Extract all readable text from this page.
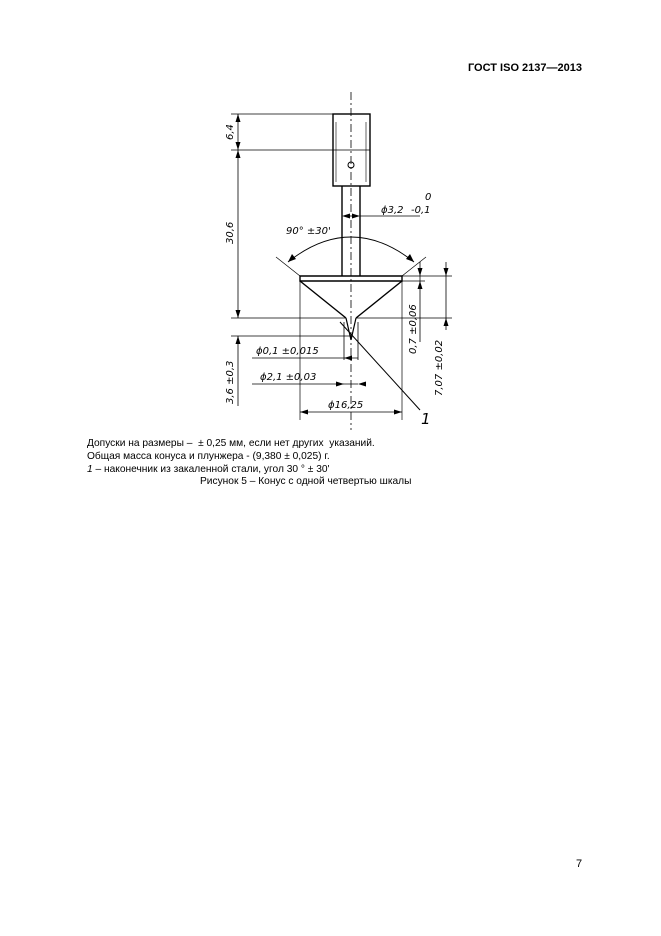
ГОСТ ISO 2137—2013
6,4
30,6
3,6 ±0,3
ϕ3,2
0
-0,1
90° ±30'
ϕ0,1 ±0,015
ϕ2,1 ±0,03
ϕ16,25
0,7 ±0,06
7,07 ±0,02
1
Допуски на размеры –  ± 0,25 мм, если нет других  указаний.
Общая масса конуса и плунжера - (9,380 ± 0,025) г.
1 – наконечник из закаленной стали, угол 30 ° ± 30'
Рисунок 5 – Конус с одной четвертью шкалы
7
